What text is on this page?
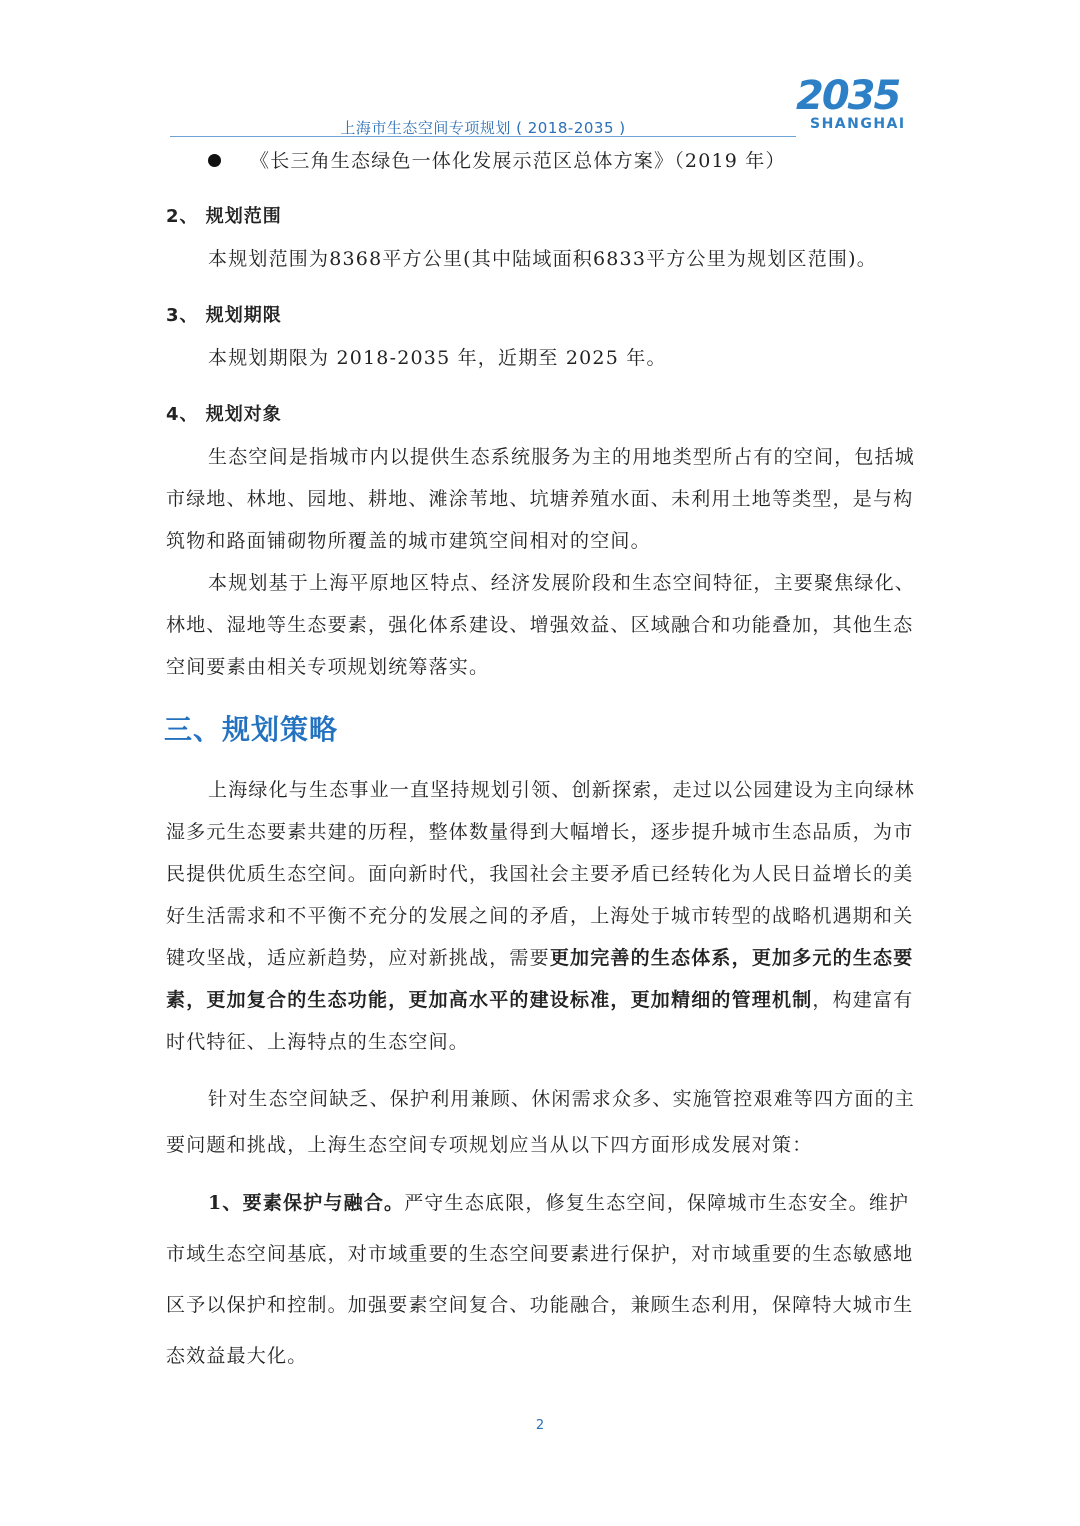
上海市生态空间专项规划 ( 2018-2035 )
2035
SHANGHAI
《长三角生态绿色一体化发展示范区总体方案》（2019 年）
2、 规划范围
本规划范围为8368平方公里(其中陆域面积6833平方公里为规划区范围)。
3、 规划期限
本规划期限为 2018-2035 年，近期至 2025 年。
4、 规划对象
生态空间是指城市内以提供生态系统服务为主的用地类型所占有的空间，包括城市绿地、林地、园地、耕地、滩涂苇地、坑塘养殖水面、未利用土地等类型，是与构筑物和路面铺砌物所覆盖的城市建筑空间相对的空间。
本规划基于上海平原地区特点、经济发展阶段和生态空间特征，主要聚焦绿化、林地、湿地等生态要素，强化体系建设、增强效益、区域融合和功能叠加，其他生态空间要素由相关专项规划统筹落实。
三、规划策略
上海绿化与生态事业一直坚持规划引领、创新探索，走过以公园建设为主向绿林湿多元生态要素共建的历程，整体数量得到大幅增长，逐步提升城市生态品质，为市民提供优质生态空间。面向新时代，我国社会主要矛盾已经转化为人民日益增长的美好生活需求和不平衡不充分的发展之间的矛盾，上海处于城市转型的战略机遇期和关键攻坚战，适应新趋势，应对新挑战，需要更加完善的生态体系，更加多元的生态要素，更加复合的生态功能，更加高水平的建设标准，更加精细的管理机制，构建富有时代特征、上海特点的生态空间。
针对生态空间缺乏、保护利用兼顾、休闲需求众多、实施管控艰难等四方面的主要问题和挑战，上海生态空间专项规划应当从以下四方面形成发展对策：
1、要素保护与融合。严守生态底限，修复生态空间，保障城市生态安全。维护市域生态空间基底，对市域重要的生态空间要素进行保护，对市域重要的生态敏感地区予以保护和控制。加强要素空间复合、功能融合，兼顾生态利用，保障特大城市生态效益最大化。
2
